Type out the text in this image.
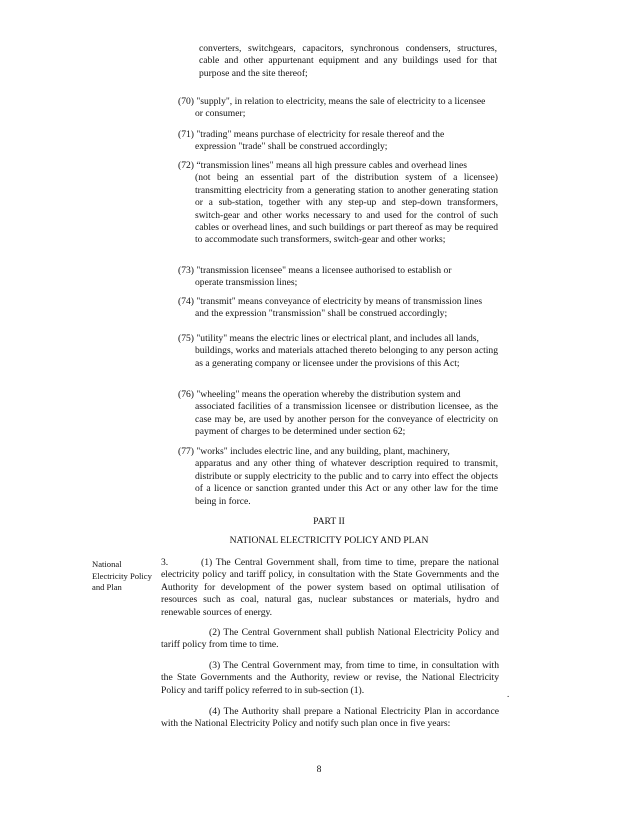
converters, switchgears, capacitors, synchronous condensers, structures, cable and other appurtenant equipment and any buildings used for that purpose and the site thereof;
(70) "supply", in relation to electricity, means the sale of electricity to a licensee
or consumer;
(71) "trading" means purchase of electricity for resale thereof and the
expression "trade" shall be construed accordingly;
(72) “transmission lines" means all high pressure cables and overhead lines
(not being an essential part of the distribution system of a licensee) transmitting electricity from a generating station to another generating station or a sub-station, together with any step-up and step-down transformers, switch-gear and other works necessary to and used for the control of such cables or overhead lines, and such buildings or part thereof as may be required to accommodate such transformers, switch-gear and other works;
(73) "transmission licensee" means a licensee authorised to establish or
operate transmission lines;
(74) "transmit" means conveyance of electricity by means of transmission lines
and the expression "transmission" shall be construed accordingly;
(75) "utility" means the electric lines or electrical plant, and includes all lands,
buildings, works and materials attached thereto belonging to any person acting as a generating company or licensee under the provisions of this Act;
(76) "wheeling" means the operation whereby the distribution system and
associated facilities of a transmission licensee or distribution licensee, as the case may be, are used by another person for the conveyance of electricity on payment of charges to be determined under section 62;
(77) "works" includes electric line, and any building, plant, machinery,
apparatus and any other thing of whatever description required to transmit, distribute or supply electricity to the public and to carry into effect the objects of a licence or sanction granted under this Act or any other law for the time being in force.
PART II
NATIONAL ELECTRICITY POLICY AND PLAN
National Electricity Policy and Plan
3.	(1) The Central Government shall, from time to time, prepare the national electricity policy and tariff policy, in consultation with the State Governments and the Authority for development of the power system based on optimal utilisation of resources such as coal, natural gas, nuclear substances or materials, hydro and renewable sources of energy.
(2) The Central Government shall publish National Electricity Policy and tariff policy from time to time.
(3) The Central Government may, from time to time, in consultation with the State Governments and the Authority, review or revise, the National Electricity Policy and tariff policy referred to in sub-section (1).	.
(4) The Authority shall prepare a National Electricity Plan in accordance with the National Electricity Policy and notify such plan once in five years:
8
